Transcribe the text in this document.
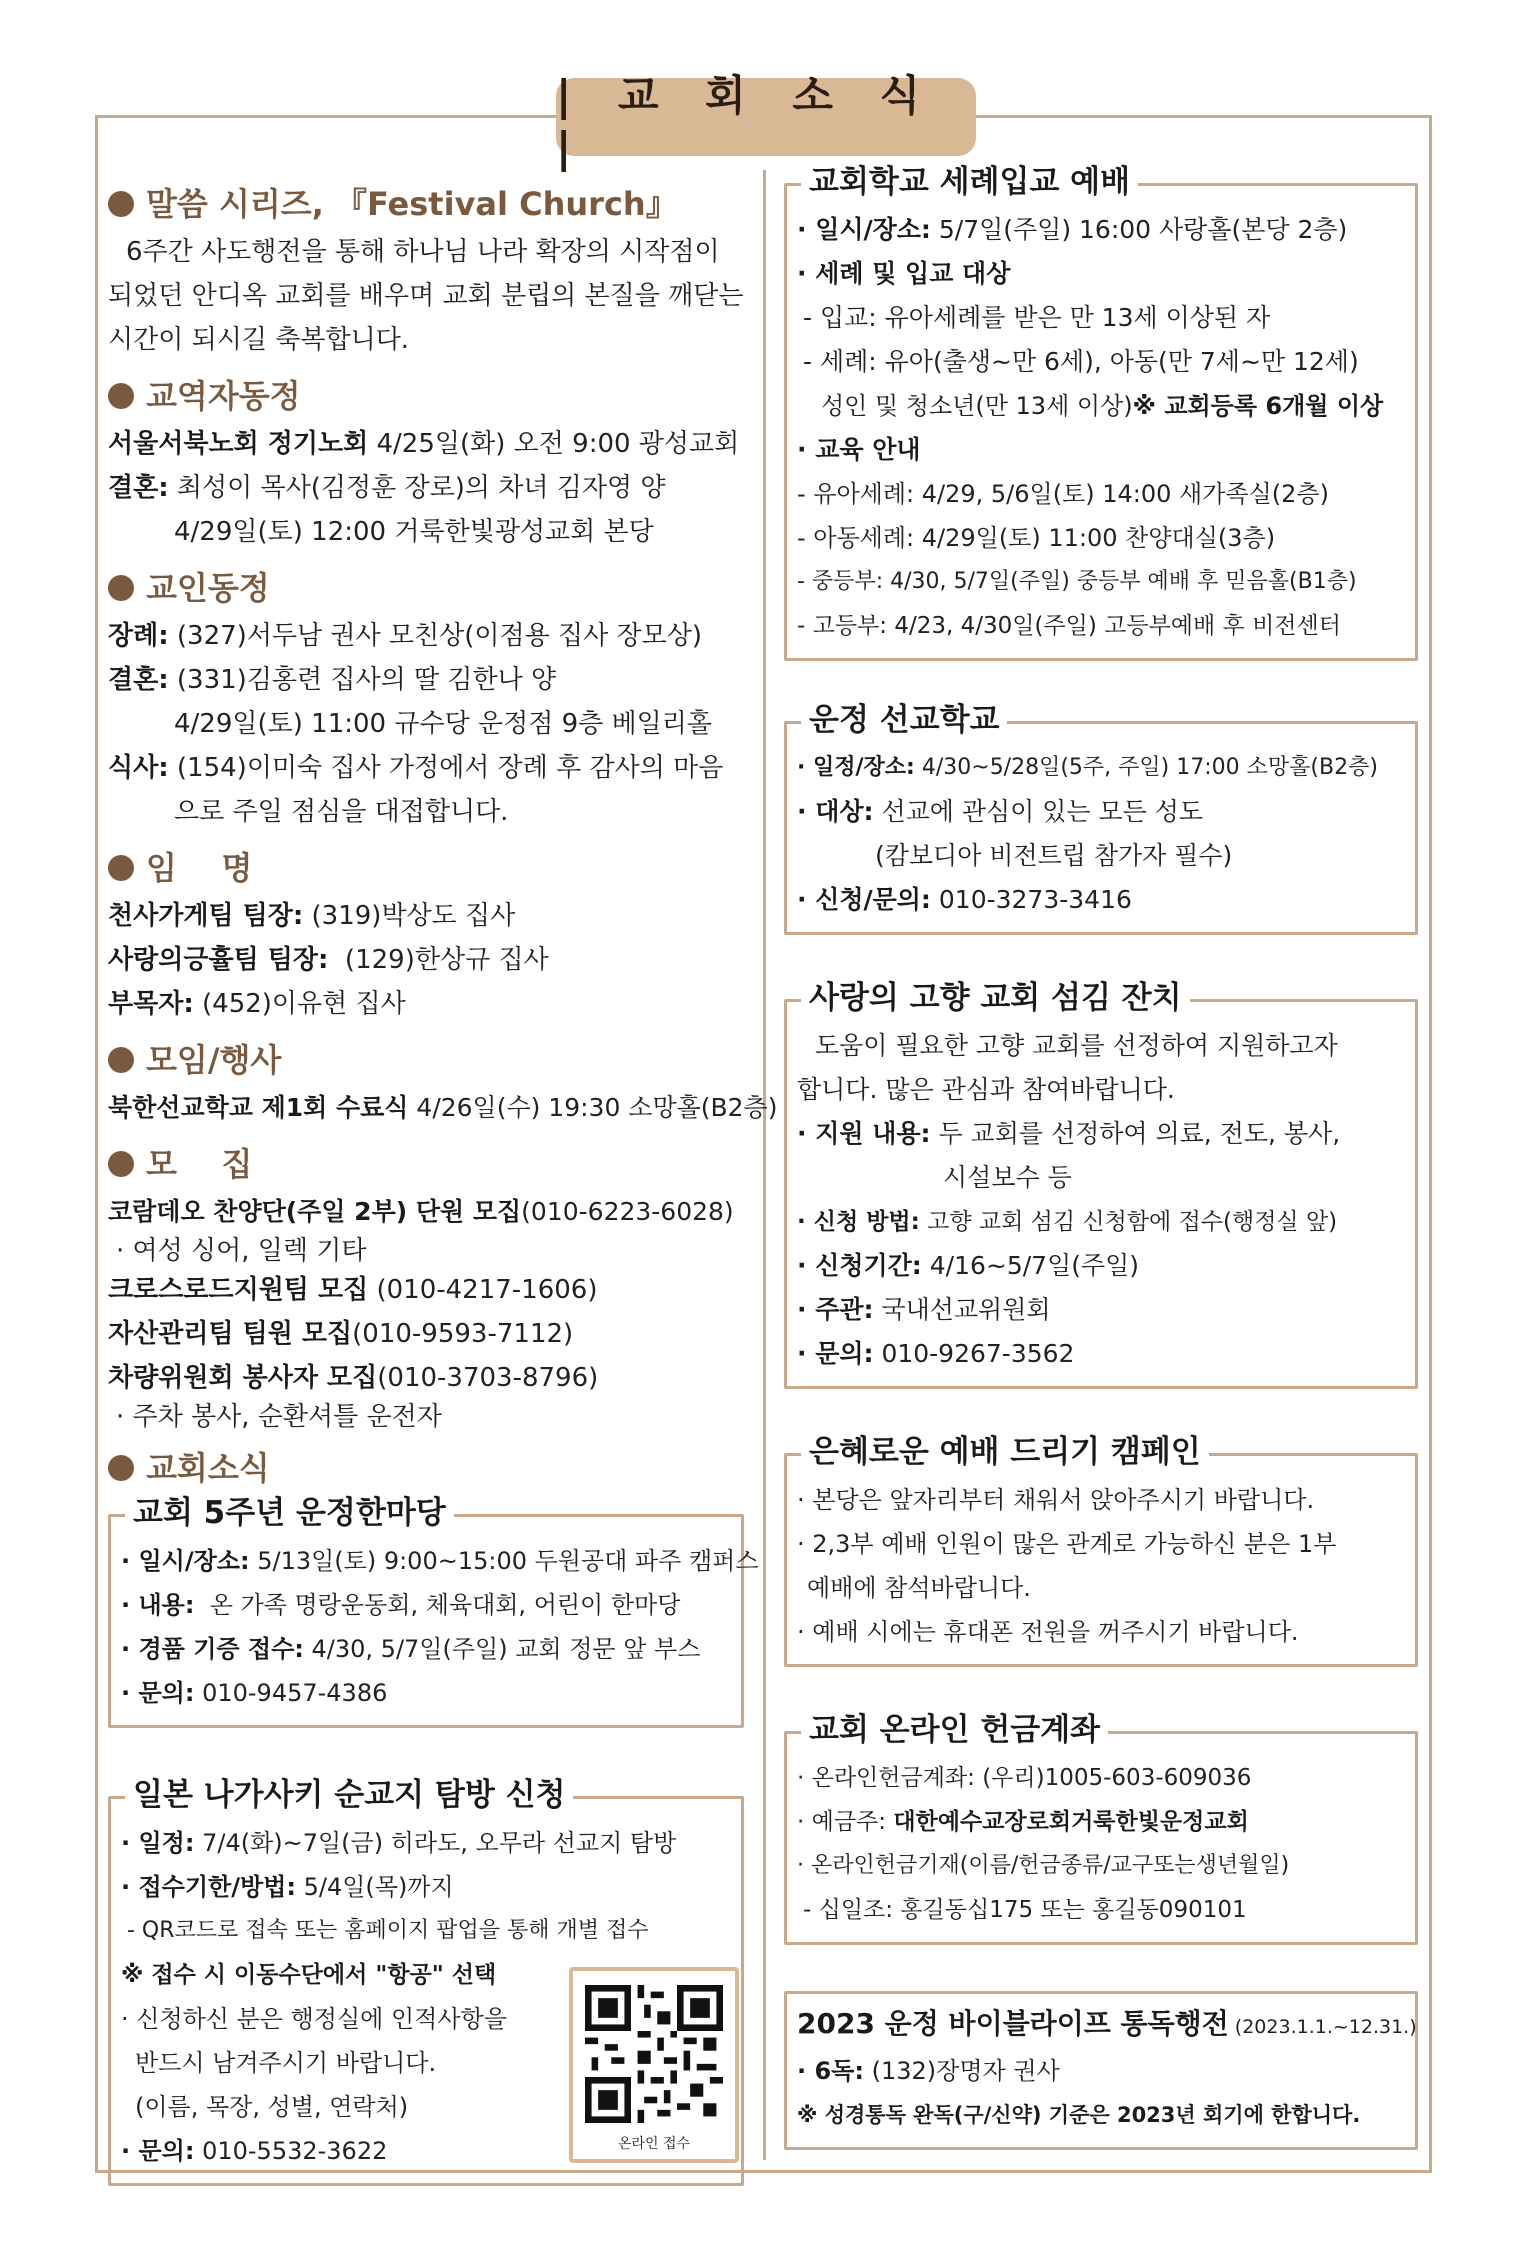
| 교 회 소 식 |
말씀 시리즈, 『Festival Church』
6주간 사도행전을 통해 하나님 나라 확장의 시작점이
되었던 안디옥 교회를 배우며 교회 분립의 본질을 깨닫는
시간이 되시길 축복합니다.
교역자동정
서울서북노회 정기노회 4/25일(화) 오전 9:00 광성교회
결혼: 최성이 목사(김정훈 장로)의 차녀 김자영 양
4/29일(토) 12:00 거룩한빛광성교회 본당
교인동정
장례: (327)서두남 권사 모친상(이점용 집사 장모상)
결혼: (331)김홍련 집사의 딸 김한나 양
4/29일(토) 11:00 규수당 운정점 9층 베일리홀
식사: (154)이미숙 집사 가정에서 장례 후 감사의 마음
으로 주일 점심을 대접합니다.
임    명
천사가게팀 팀장: (319)박상도 집사
사랑의긍휼팀 팀장:  (129)한상규 집사
부목자: (452)이유현 집사
모임/행사
북한선교학교 제1회 수료식 4/26일(수) 19:30 소망홀(B2층)
모    집
코람데오 찬양단(주일 2부) 단원 모집(010-6223-6028)
· 여성 싱어, 일렉 기타
크로스로드지원팀 모집 (010-4217-1606)
자산관리팀 팀원 모집(010-9593-7112)
차량위원회 봉사자 모집(010-3703-8796)
· 주차 봉사, 순환셔틀 운전자
교회소식
교회 5주년 운정한마당
· 일시/장소: 5/13일(토) 9:00~15:00 두원공대 파주 캠퍼스
· 내용:  온 가족 명랑운동회, 체육대회, 어린이 한마당
· 경품 기증 접수: 4/30, 5/7일(주일) 교회 정문 앞 부스
· 문의: 010-9457-4386
일본 나가사키 순교지 탐방 신청
· 일정: 7/4(화)~7일(금) 히라도, 오무라 선교지 탐방
· 접수기한/방법: 5/4일(목)까지
- QR코드로 접속 또는 홈페이지 팝업을 통해 개별 접수
※ 접수 시 이동수단에서 "항공" 선택
· 신청하신 분은 행정실에 인적사항을
반드시 남겨주시기 바랍니다.
(이름, 목장, 성별, 연락처)
· 문의: 010-5532-3622	온라인 접수
교회학교 세례입교 예배
· 일시/장소: 5/7일(주일) 16:00 사랑홀(본당 2층)
· 세례 및 입교 대상
- 입교: 유아세례를 받은 만 13세 이상된 자
- 세례: 유아(출생~만 6세), 아동(만 7세~만 12세)
성인 및 청소년(만 13세 이상)※ 교회등록 6개월 이상
· 교육 안내
- 유아세례: 4/29, 5/6일(토) 14:00 새가족실(2층)
- 아동세례: 4/29일(토) 11:00 찬양대실(3층)
- 중등부: 4/30, 5/7일(주일) 중등부 예배 후 믿음홀(B1층)
- 고등부: 4/23, 4/30일(주일) 고등부예배 후 비전센터
운정 선교학교
· 일정/장소: 4/30~5/28일(5주, 주일) 17:00 소망홀(B2층)
· 대상: 선교에 관심이 있는 모든 성도
(캄보디아 비전트립 참가자 필수)
· 신청/문의: 010-3273-3416
사랑의 고향 교회 섬김 잔치
도움이 필요한 고향 교회를 선정하여 지원하고자
합니다. 많은 관심과 참여바랍니다.
· 지원 내용: 두 교회를 선정하여 의료, 전도, 봉사,
시설보수 등
· 신청 방법: 고향 교회 섬김 신청함에 접수(행정실 앞)
· 신청기간: 4/16~5/7일(주일)
· 주관: 국내선교위원회
· 문의: 010-9267-3562
은혜로운 예배 드리기 캠페인
· 본당은 앞자리부터 채워서 앉아주시기 바랍니다.
· 2,3부 예배 인원이 많은 관계로 가능하신 분은 1부
예배에 참석바랍니다.
· 예배 시에는 휴대폰 전원을 꺼주시기 바랍니다.
교회 온라인 헌금계좌
· 온라인헌금계좌: (우리)1005-603-609036
· 예금주: 대한예수교장로회거룩한빛운정교회
· 온라인헌금기재(이름/헌금종류/교구또는생년월일)
- 십일조: 홍길동십175 또는 홍길동090101
2023 운정 바이블라이프 통독행전 (2023.1.1.~12.31.)
· 6독: (132)장명자 권사
※ 성경통독 완독(구/신약) 기준은 2023년 회기에 한합니다.
